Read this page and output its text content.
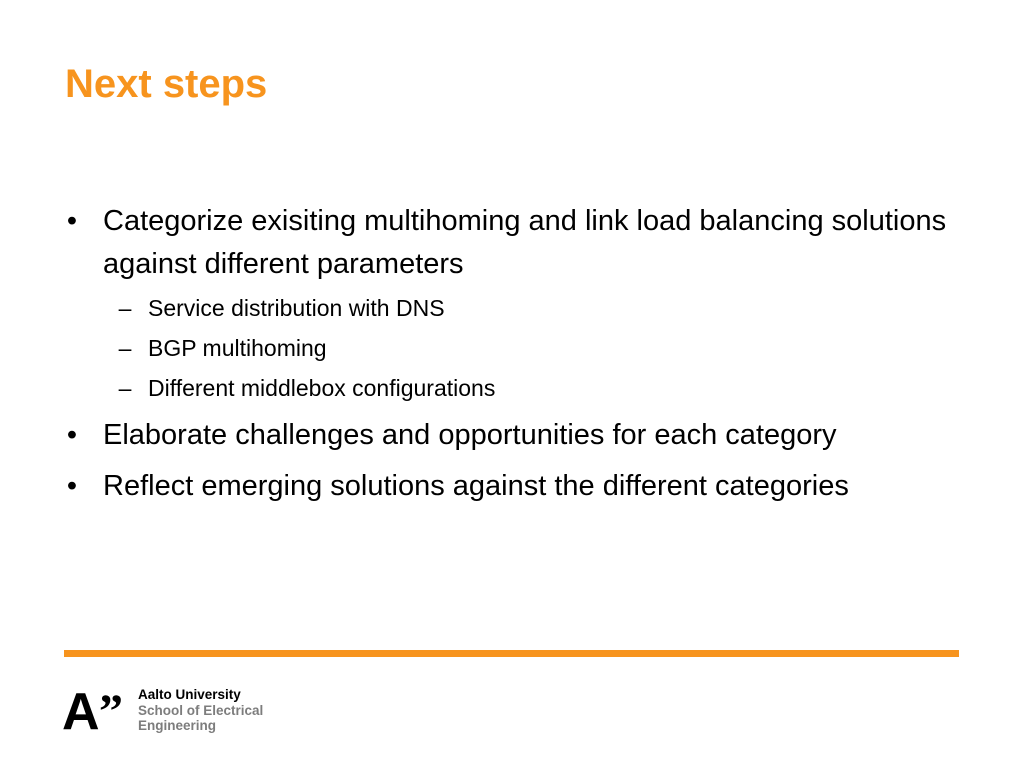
Next steps
• Categorize exisiting multihoming and link load balancing solutions against different parameters
– Service distribution with DNS
– BGP multihoming
– Different middlebox configurations
• Elaborate challenges and opportunities for each category
• Reflect emerging solutions against the different categories
A ” Aalto University
School of Electrical
Engineering
